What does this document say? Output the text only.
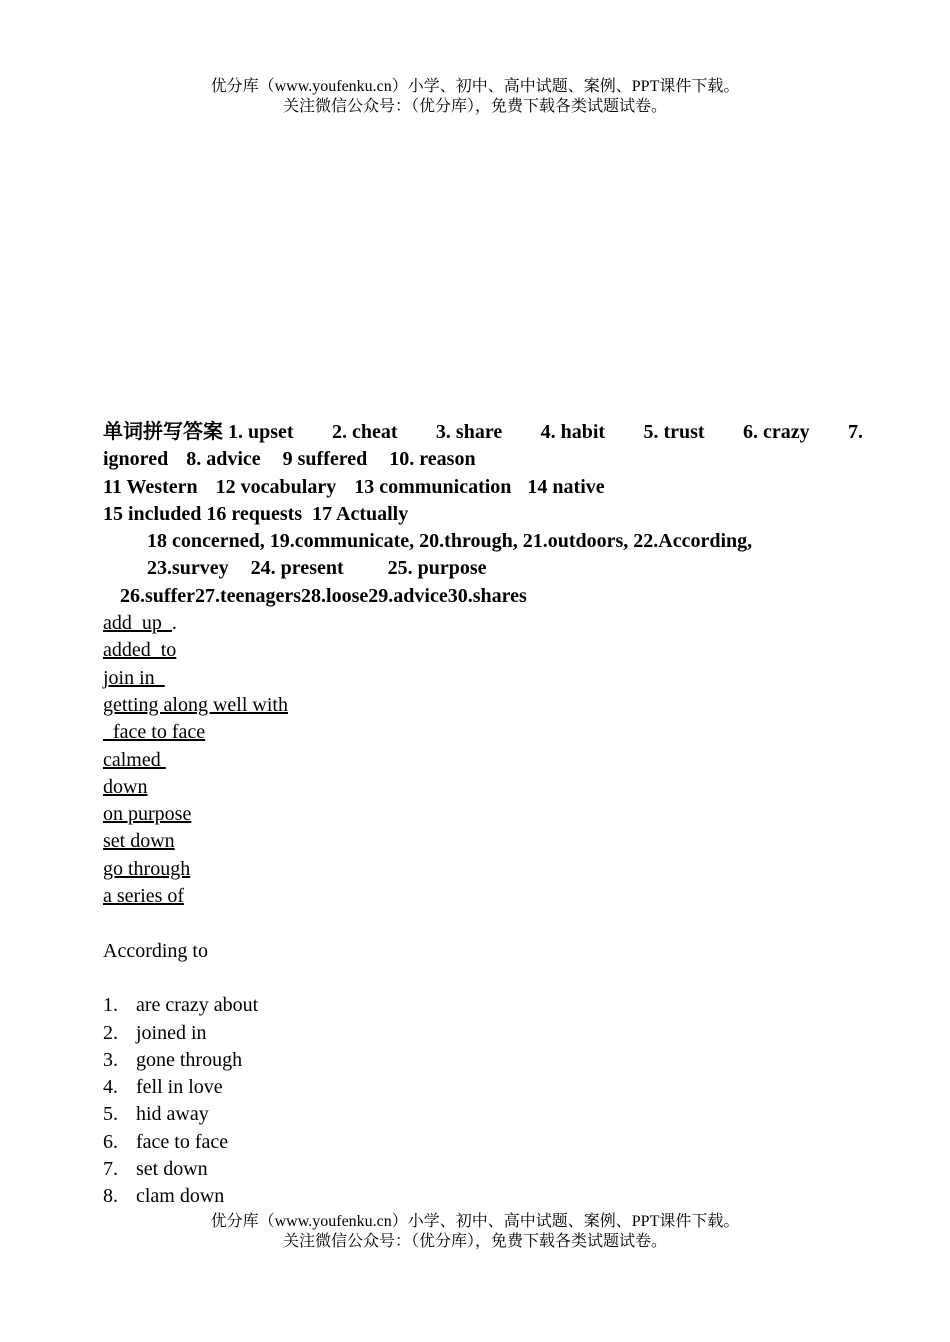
优分库（www.youfenku.cn）小学、初中、高中试题、案例、PPT课件下载。
关注微信公众号：（优分库），免费下载各类试题试卷。
单词拼写答案 1. upset 2. cheat 3. share 4. habit 5. trust 6. crazy 7.
ignored 8. advice 9 suffered 10. reason
11 Western 12 vocabulary 13 communication 14 native
15 included 16 requests 17 Actually
18 concerned, 19.communicate, 20.through, 21.outdoors, 22.According,
23.survey 24. present 25. purpose
26.suffer27.teenagers28.loose29.advice30.shares
add  up  .
added  to
join in
getting along well with
face to face
calmed
down
on purpose
set down
go through
a series of
According to
1. are crazy about
2. joined in
3. gone through
4. fell in love
5. hid away
6. face to face
7. set down
8. clam down
优分库（www.youfenku.cn）小学、初中、高中试题、案例、PPT课件下载。
关注微信公众号：（优分库），免费下载各类试题试卷。
